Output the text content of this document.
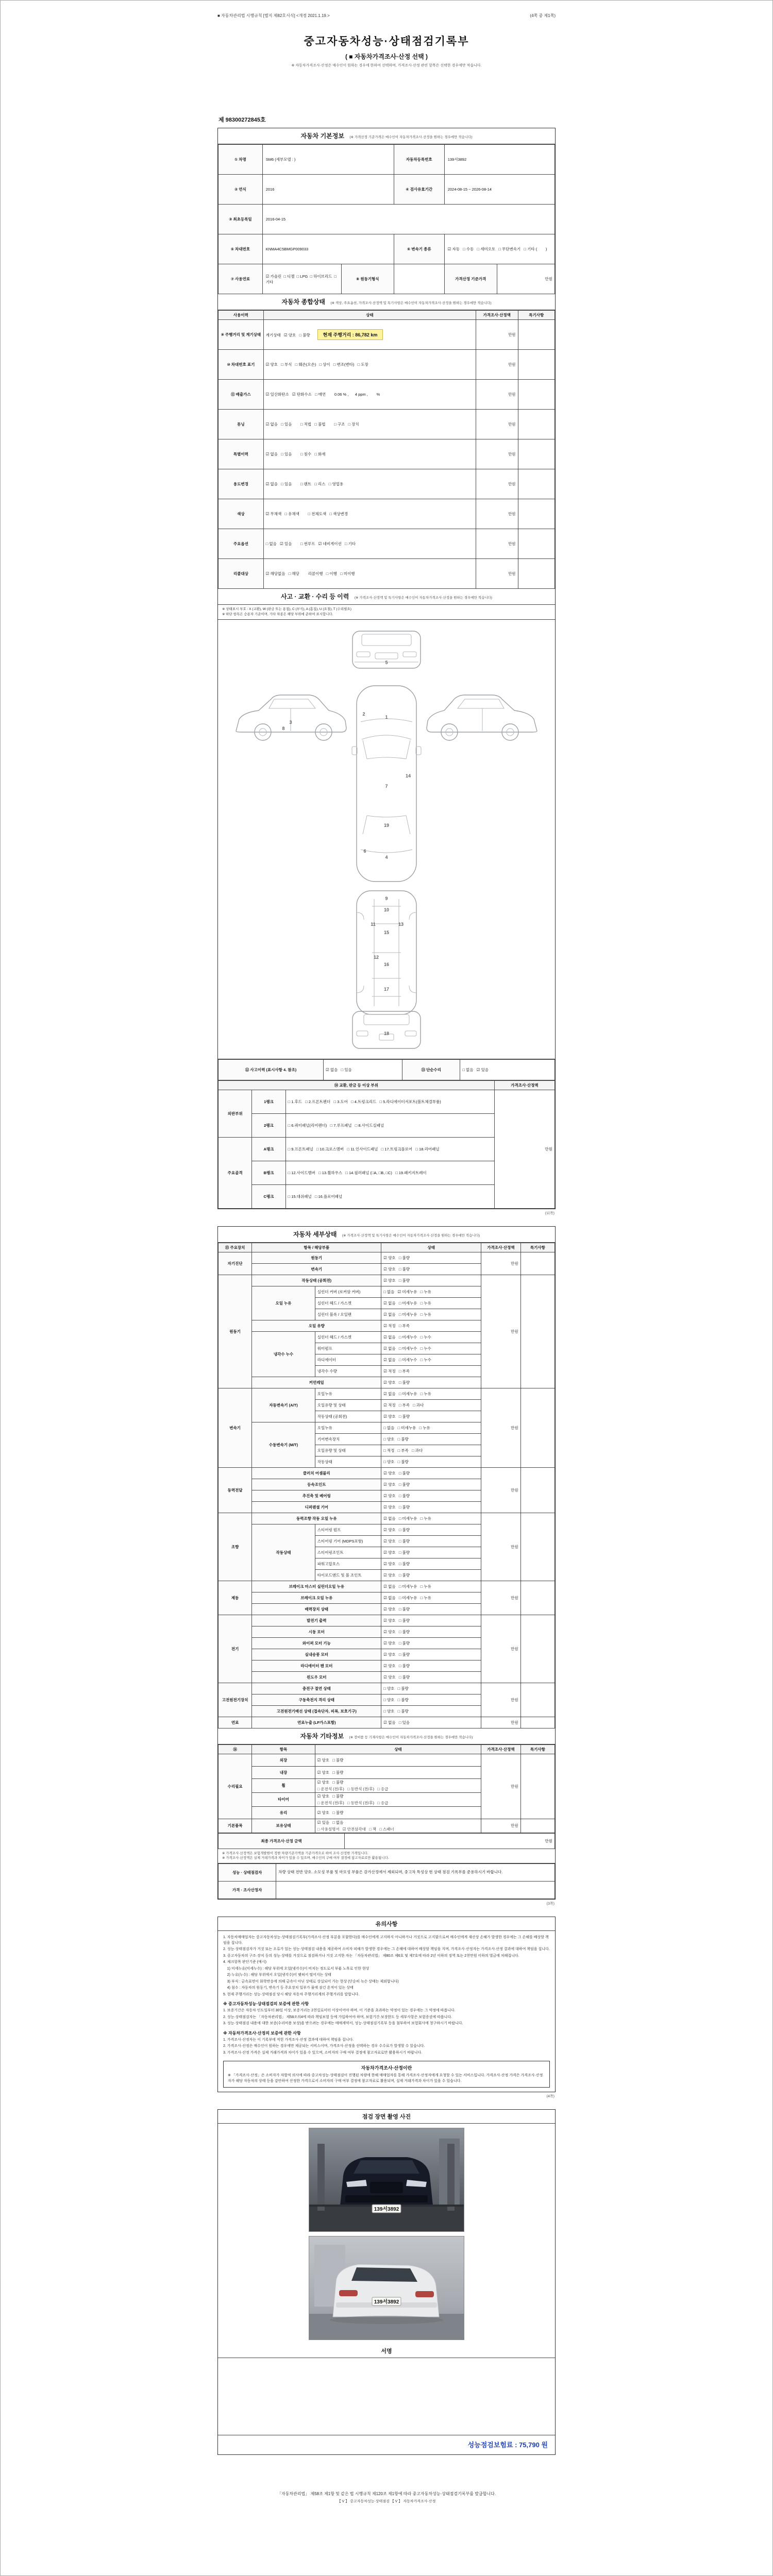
■ 자동차관리법 시행규칙 [별지 제82호서식] <개정 2021.1.19.>	(4쪽 중 제1쪽)
중고자동차성능·상태점검기록부
( ■ 자동차가격조사·산정 선택 )
※ 자동차가격조사·산정은 매수인이 원하는 경우에 한하여 선택하며, 가격조사·산정 관련 항목은 선택한 경우에만 적습니다.
제 98300272845호
자동차 기본정보 (※ 가격산정 기준가격은 매수인이 자동차가격조사·산정을 원하는 경우에만 적습니다)
① 차명	SM6 (세부모델 : )		자동차등록번호	139서3892	
② 연식	2016		④ 검사유효기간	2024-08-15 ~ 2026-08-14	
③ 최초등록일	2016-04-15				
⑤ 차대번호	KNMA4C5BMGP009033		⑥ 변속기 종류	☑ 자동   □ 수동   □ 세미오토   □ 무단변속기   □ 기타 (        )	
⑦ 사용연료	☑ 가솔린  □ 디젤  □ LPG  □ 하이브리드  □ 기타	⑧ 원동기형식		가격산정 기준가격	만원
자동차 종합상태 (※ 색상, 주요옵션, 가격조사·산정액 및 특기사항은 매수인이 자동차가격조사·산정을 원하는 경우에만 적습니다)
사용이력	상태	가격조사·산정액	특기사항
⑨ 주행거리 및 계기상태	계기상태   ☑ 양호   □ 불량 현재 주행거리 : 86,782 km	만원	
⑩ 차대번호 표기	☑ 양호   □ 부식   □ 훼손(오손)   □ 상이   □ 변조(변타)   □ 도장	만원	
⑪ 배출가스	☑ 일산화탄소   ☑ 탄화수소   □ 매연        0.06 % ,      4 ppm ,        %	만원	
튜닝	☑ 없음   □ 있음        □ 적법   □ 불법        □ 구조   □ 장치	만원	
특별이력	☑ 없음   □ 있음        □ 침수   □ 화재	만원	
용도변경	☑ 없음   □ 있음        □ 렌트   □ 리스   □ 영업용	만원	
색상	☑ 무채색   □ 유채색        □ 전체도색   □ 색상변경	만원	
주요옵션	□ 없음   ☑ 있음        □ 썬루프   ☑ 네비게이션   □ 기타	만원	
리콜대상	☑ 해당없음   □ 해당        리콜이행   □ 이행   □ 미이행	만원	
사고 · 교환 · 수리 등 이력 (※ 가격조사·산정액 및 특기사항은 매수인이 자동차가격조사·산정을 원하는 경우에만 적습니다)
※ 상태표시 부호 : X (교환), W (판금 또는 용접), C (부식), A (흠집), U (요철), T (수리필요)
※ 하단 항목은 승용차 기준이며, 기타 차종은 해당 부위에 준하여 표시합니다.
1
2
3
4
5
6
7
8
9
10
11
12
13
14
15
16
17
18
19
⑫ 사고이력 (표시사항 4. 참조)	☑ 없음   □ 있음	⑬ 단순수리	□ 없음   ☑ 있음
⑭ 교환, 판금 등 이상 부위			가격조사·산정액
외판부위	1랭크	□ 1.후드   □ 2.프론트펜더   □ 3.도어   □ 4.트렁크리드   □ 5.라디에이터서포트(볼트체결부품)	만원
	2랭크	□ 6.쿼터패널(리어펜더)   □ 7.루프패널   □ 8.사이드실패널	
주요골격	A랭크	□ 9.프론트패널   □ 10.크로스멤버   □ 11.인사이드패널   □ 17.트렁크플로어   □ 18.리어패널	
	B랭크	□ 12.사이드멤버   □ 13.휠하우스   □ 14.필러패널 (□A, □B, □C)   □ 19.패키지트레이	
	C랭크	□ 15.대쉬패널   □ 16.플로어패널	
(뒤쪽)
자동차 세부상태 (※ 가격조사·산정액 및 특기사항은 매수인이 자동차가격조사·산정을 원하는 경우에만 적습니다)
⑮ 주요장치	항목 / 해당부품		상태	가격조사·산정액	특기사항
자기진단	원동기		☑ 양호   □ 불량	만원	
	변속기		☑ 양호   □ 불량		
원동기	작동상태 (공회전)		☑ 양호   □ 불량	만원	
	오일 누유	실린더 커버 (로커암 커버)	□ 없음   ☑ 미세누유   □ 누유		
		실린더 헤드 / 가스켓	☑ 없음   □ 미세누유   □ 누유		
		실린더 블록 / 오일팬	☑ 없음   □ 미세누유   □ 누유		
	오일 유량		☑ 적정   □ 부족		
	냉각수 누수	실린더 헤드 / 가스켓	☑ 없음   □ 미세누수   □ 누수		
		워터펌프	☑ 없음   □ 미세누수   □ 누수		
		라디에이터	☑ 없음   □ 미세누수   □ 누수		
		냉각수 수량	☑ 적정   □ 부족		
	커먼레일		☑ 양호   □ 불량		
변속기	자동변속기 (A/T)	오일누유	☑ 없음   □ 미세누유   □ 누유	만원	
		오일유량 및 상태	☑ 적정   □ 부족   □ 과다		
		작동상태 (공회전)	☑ 양호   □ 불량		
	수동변속기 (M/T)	오일누유	□ 없음   □ 미세누유   □ 누유		
		기어변속장치	□ 양호   □ 불량		
		오일유량 및 상태	□ 적정   □ 부족   □ 과다		
		작동상태	□ 양호   □ 불량		
동력전달	클러치 어셈블리		☑ 양호   □ 불량	만원	
	등속조인트		☑ 양호   □ 불량		
	추진축 및 베어링		☑ 양호   □ 불량		
	디퍼렌셜 기어		☑ 양호   □ 불량		
조향	동력조향 작동 오일 누유		☑ 없음   □ 미세누유   □ 누유	만원	
	작동상태	스티어링 펌프	☑ 양호   □ 불량		
		스티어링 기어 (MDPS포함)	☑ 양호   □ 불량		
		스티어링조인트	☑ 양호   □ 불량		
		파워고압호스	☑ 양호   □ 불량		
		타이로드엔드 및 볼 조인트	☑ 양호   □ 불량		
제동	브레이크 마스터 실린더오일 누유		☑ 없음   □ 미세누유   □ 누유	만원	
	브레이크 오일 누유		☑ 없음   □ 미세누유   □ 누유		
	배력장치 상태		☑ 양호   □ 불량		
전기	발전기 출력		☑ 양호   □ 불량	만원	
	시동 모터		☑ 양호   □ 불량		
	와이퍼 모터 기능		☑ 양호   □ 불량		
	실내송풍 모터		☑ 양호   □ 불량		
	라디에이터 팬 모터		☑ 양호   □ 불량		
	윈도우 모터		☑ 양호   □ 불량		
고전원전기장치	충전구 절연 상태		□ 양호   □ 불량	만원	
	구동축전지 격리 상태		□ 양호   □ 불량		
	고전원전기배선 상태 (접속단자, 피복, 보호기구)		□ 양호   □ 불량		
연료	연료누출 (LP가스포함)		☑ 없음   □ 있음	만원	
자동차 기타정보 (※ 장비품 등 기재사항은 매수인이 자동차가격조사·산정을 원하는 경우에만 적습니다)
⑯	항목	상태	가격조사·산정액	특기사항
수리필요	외장	☑ 양호   □ 불량	만원	
	내장	☑ 양호   □ 불량		
	휠	☑ 양호   □ 불량
□ 운전석 (전/후)   □ 동반석 (전/후)   □ 응급		

	타이어	☑ 양호   □ 불량
□ 운전석 (전/후)   □ 동반석 (전/후)   □ 응급		

	유리	☑ 양호   □ 불량		
기본품목	보유상태	☑ 있음   □ 없음
□ 사용설명서   ☑ 안전삼각대   □ 잭   □ 스패너	만원	
최종 가격조사·산정 금액	만원
※ 가격조사·산정액은 보험개발원이 정한 차량기준가액을 기준가격으로 하여 조사·산정한 가격입니다.
※ 가격조사·산정액은 실제 거래가격과 차이가 있을 수 있으며, 매수인의 구매 여부 결정에 참고자료로만 활용됩니다.
성능 · 상태점검자	차량 상태 전반 양호. 소모성 부품 및 마모성 부품은 감가산정에서 제외되며, 중고차 특성상 현 상태 점검 기록부를 준용하시기 바랍니다.
가격 · 조사산정자	
(3쪽)
유의사항

1. 자동차매매업자는 중고자동차성능·상태점검기록부(가격조사·산정 부분을 포함한다)를 매수인에게 고지하지 아니하거나 거짓으로 고지함으로써 매수인에게 재산상 손해가 발생한 경우에는 그 손해를 배상할 책임을 집니다.

2. 성능·상태점검자가 거짓 또는 오류가 있는 성능·상태점검 내용을 제공하여 소비자 피해가 발생한 경우에는 그 손해에 대하여 배상할 책임을 지며, 가격조사·산정자는 가격조사·산정 결과에 대하여 책임을 집니다.

3. 중고자동차의 구조·장치 등의 성능·상태를 거짓으로 점검하거나 거짓 고지한 자는 「자동차관리법」 제80조 제6호 및 제7호에 따라 2년 이하의 징역 또는 2천만원 이하의 벌금에 처해집니다.

4. 체크항목 판단기준 (예시)

1) 미세누유(미세누수) : 해당 부위에 오일(냉각수)이 비치는 정도로서 부품 노후로 인한 현상

2) 누유(누수) : 해당 부위에서 오일(냉각수)이 맺혀서 떨어지는 상태

3) 부식 : 금속표면이 화학반응에 의해 금속이 아닌 상태로 상실되어 가는 현상 (단순히 녹슨 상태는 제외합니다)

4) 침수 : 자동차의 원동기, 변속기 등 주요장치 일부가 물에 잠긴 흔적이 있는 상태

5. 현재 주행거리는 성능·상태점검 당시 해당 자동차 주행거리계의 주행거리를 말합니다.

※ 중고자동차성능·상태점검의 보증에 관한 사항

1. 보증기간은 자동차 인도일부터 30일 이상, 보증거리는 2천킬로미터 이상이어야 하며, 이 기준을 초과하는 약정이 있는 경우에는 그 약정에 따릅니다.

2. 성능·상태점검자는 「자동차관리법」 제58조의4에 따라 책임보험 등에 가입하여야 하며, 보험기간·보장한도 등 세부사항은 보험증권에 따릅니다.

3. 성능·상태점검 내용에 대한 보증(수리비용 보상)을 받으려는 경우에는 매매계약서, 성능·상태점검기록부 등을 첨부하여 보험회사에 청구하시기 바랍니다.

※ 자동차가격조사·산정의 보증에 관한 사항

1. 가격조사·산정자는 이 기록부에 적힌 가격조사·산정 결과에 대하여 책임을 집니다.

2. 가격조사·산정은 매수인이 원하는 경우에만 제공되는 서비스이며, 가격조사·산정을 선택하는 경우 수수료가 발생할 수 있습니다.

3. 가격조사·산정 가격은 실제 거래가격과 차이가 있을 수 있으며, 소비자의 구매 여부 결정에 참고자료로만 활용하시기 바랍니다.

자동차가격조사·산정이란
※ 「가격조사·산정」은 소비자가 자발적 의사에 따라 중고차성능·상태점검이 진행된 차량에 한해 매매업자를 통해 가격조사·산정자에게 요청할 수 있는 서비스입니다. 가격조사·산정 가격은 가격조사·산정자가 해당 자동차의 상태 등을 감안하여 산정한 가격으로서 소비자의 구매 여부 결정에 참고자료로 활용되며, 실제 거래가격과 차이가 있을 수 있습니다.
(4쪽)
점검 장면 촬영 사진
139서3892
139서3892
서명
성능점검보험료 : 75,790 원
「자동차관리법」 제58조 제1항 및 같은 법 시행규칙 제120조 제1항에 따라 중고자동차성능·상태점검기록부를 발급합니다.
【 V 】 중고자동차성능·상태점검 【 V 】 자동차가격조사·산정
